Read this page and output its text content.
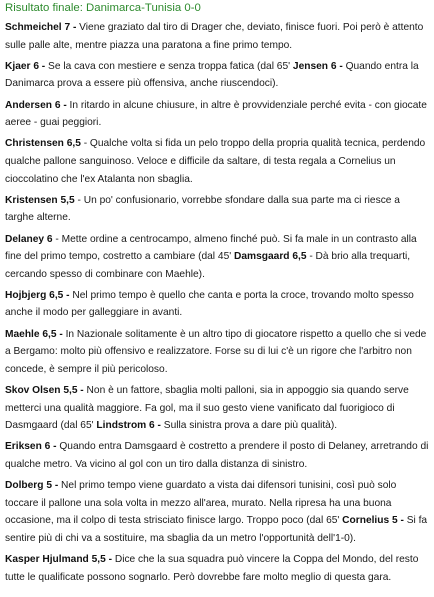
Risultato finale: Danimarca-Tunisia 0-0

Schmeichel 7 - Viene graziato dal tiro di Drager che, deviato, finisce fuori. Poi però è attento sulle palle alte, mentre piazza una paratona a fine primo tempo.

Kjaer 6 - Se la cava con mestiere e senza troppa fatica (dal 65' Jensen 6 - Quando entra la Danimarca prova a essere più offensiva, anche riuscendoci).

Andersen 6 - In ritardo in alcune chiusure, in altre è provvidenziale perché evita - con giocate aeree - guai peggiori.

Christensen 6,5 - Qualche volta si fida un pelo troppo della propria qualità tecnica, perdendo qualche pallone sanguinoso. Veloce e difficile da saltare, di testa regala a Cornelius un cioccolatino che l'ex Atalanta non sbaglia.

Kristensen 5,5 - Un po' confusionario, vorrebbe sfondare dalla sua parte ma ci riesce a targhe alterne.

Delaney 6 - Mette ordine a centrocampo, almeno finché può. Si fa male in un contrasto alla fine del primo tempo, costretto a cambiare (dal 45' Damsgaard 6,5 - Dà brio alla trequarti, cercando spesso di combinare con Maehle).

Hojbjerg 6,5 - Nel primo tempo è quello che canta e porta la croce, trovando molto spesso anche il modo per galleggiare in avanti.

Maehle 6,5 - In Nazionale solitamente è un altro tipo di giocatore rispetto a quello che si vede a Bergamo: molto più offensivo e realizzatore. Forse su di lui c'è un rigore che l'arbitro non concede, è sempre il più pericoloso.

Skov Olsen 5,5 - Non è un fattore, sbaglia molti palloni, sia in appoggio sia quando serve metterci una qualità maggiore. Fa gol, ma il suo gesto viene vanificato dal fuorigioco di Dasmgaard (dal 65' Lindstrom 6 - Sulla sinistra prova a dare più qualità).

Eriksen 6 - Quando entra Damsgaard è costretto a prendere il posto di Delaney, arretrando di qualche metro. Va vicino al gol con un tiro dalla distanza di sinistro.

Dolberg 5 - Nel primo tempo viene guardato a vista dai difensori tunisini, così può solo toccare il pallone una sola volta in mezzo all'area, murato. Nella ripresa ha una buona occasione, ma il colpo di testa strisciato finisce largo. Troppo poco (dal 65' Cornelius 5 - Si fa sentire più di chi va a sostituire, ma sbaglia da un metro l'opportunità dell'1-0).

Kasper Hjulmand 5,5 - Dice che la sua squadra può vincere la Coppa del Mondo, del resto tutte le qualificate possono sognarlo. Però dovrebbe fare molto meglio di questa gara.
